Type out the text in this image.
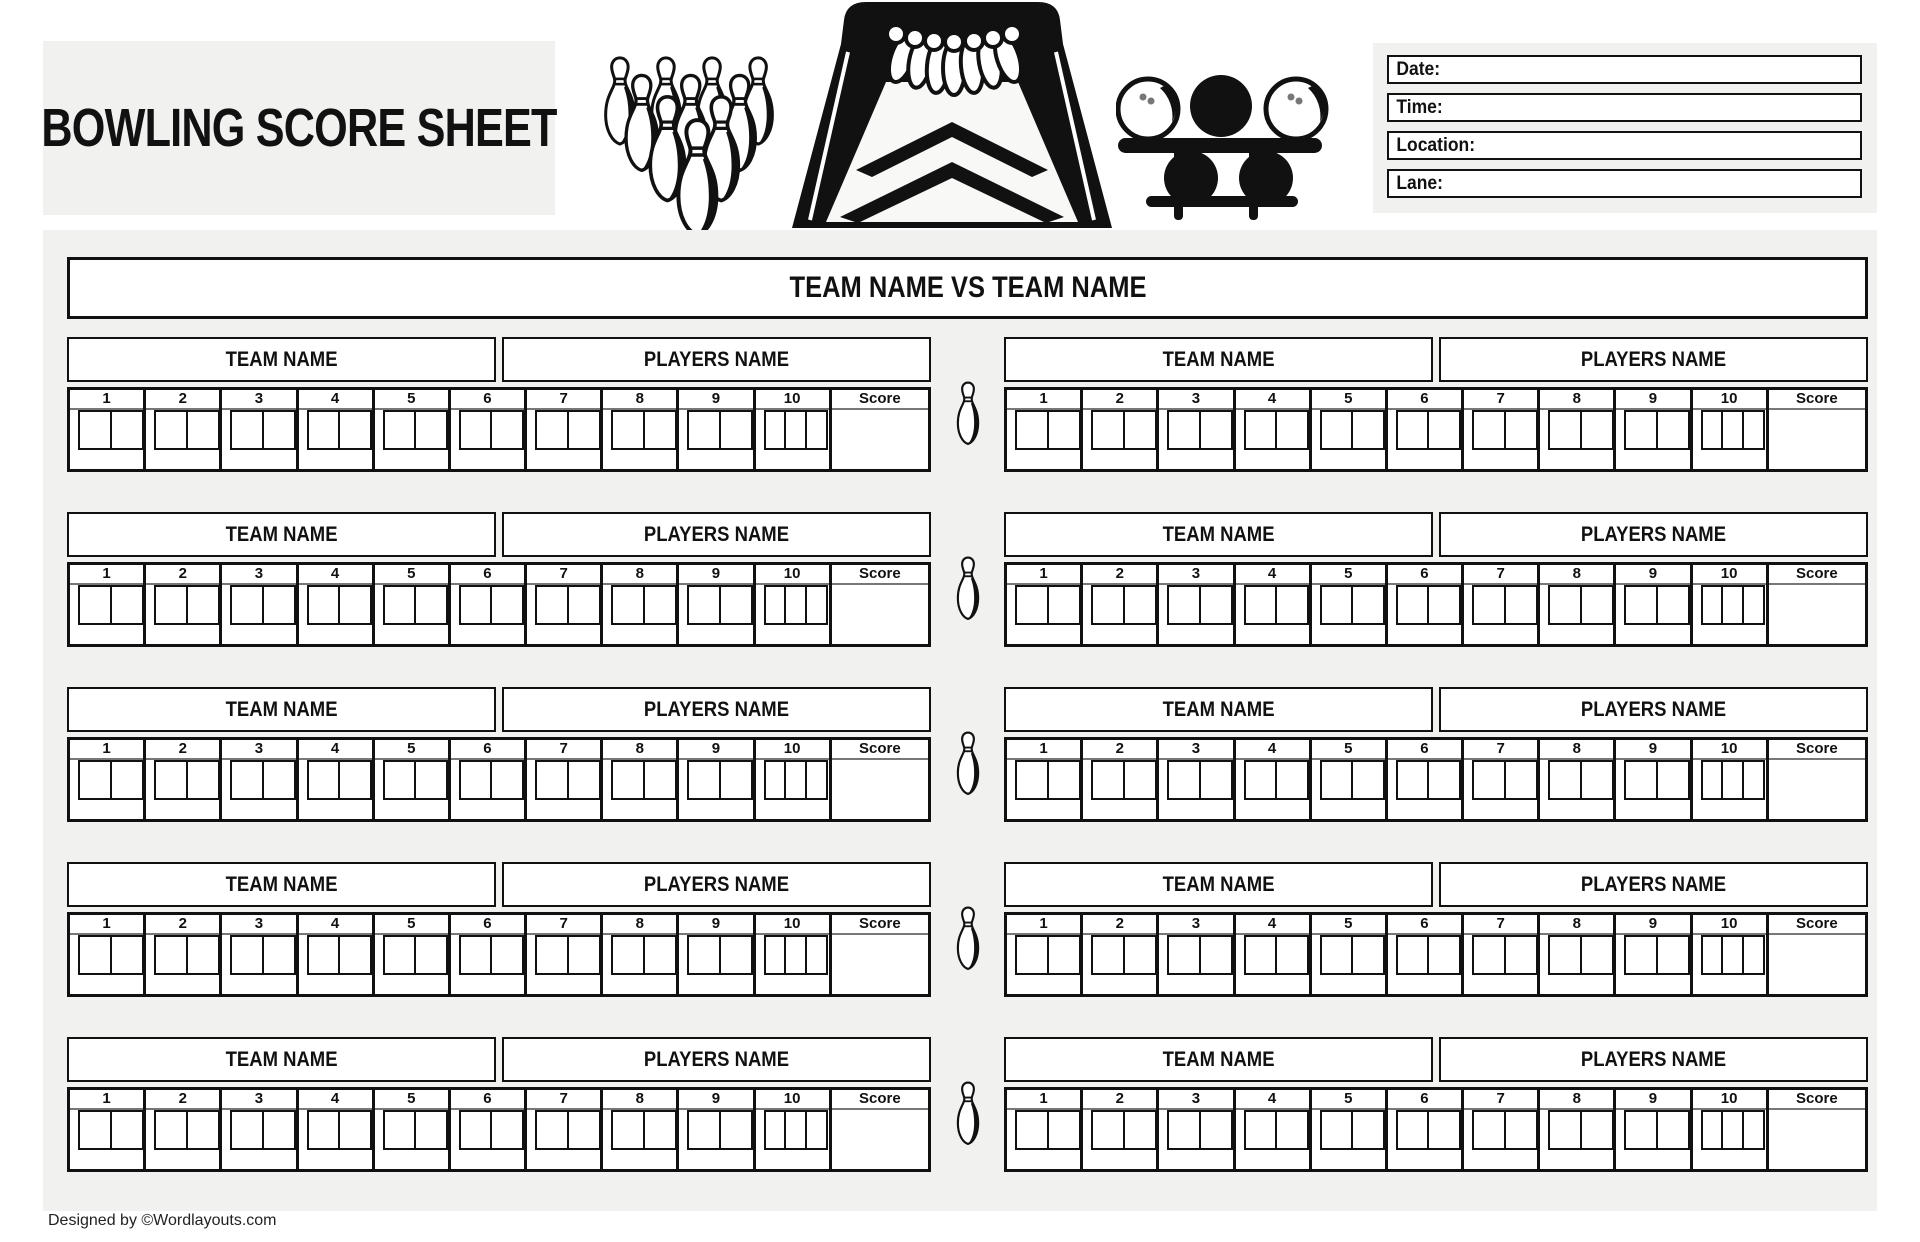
BOWLING SCORE SHEET
Date:
Time:
Location:
Lane:
TEAM NAME VS TEAM NAME
TEAM NAME	PLAYERS NAME
1	2	3	4	5	6	7	8	9	10	Score
TEAM NAME	PLAYERS NAME
1	2	3	4	5	6	7	8	9	10	Score
TEAM NAME	PLAYERS NAME
1	2	3	4	5	6	7	8	9	10	Score
TEAM NAME	PLAYERS NAME
1	2	3	4	5	6	7	8	9	10	Score
TEAM NAME	PLAYERS NAME
1	2	3	4	5	6	7	8	9	10	Score
TEAM NAME	PLAYERS NAME
1	2	3	4	5	6	7	8	9	10	Score
TEAM NAME	PLAYERS NAME
1	2	3	4	5	6	7	8	9	10	Score
TEAM NAME	PLAYERS NAME
1	2	3	4	5	6	7	8	9	10	Score
TEAM NAME	PLAYERS NAME
1	2	3	4	5	6	7	8	9	10	Score
TEAM NAME	PLAYERS NAME
1	2	3	4	5	6	7	8	9	10	Score
Designed by ©Wordlayouts.com
